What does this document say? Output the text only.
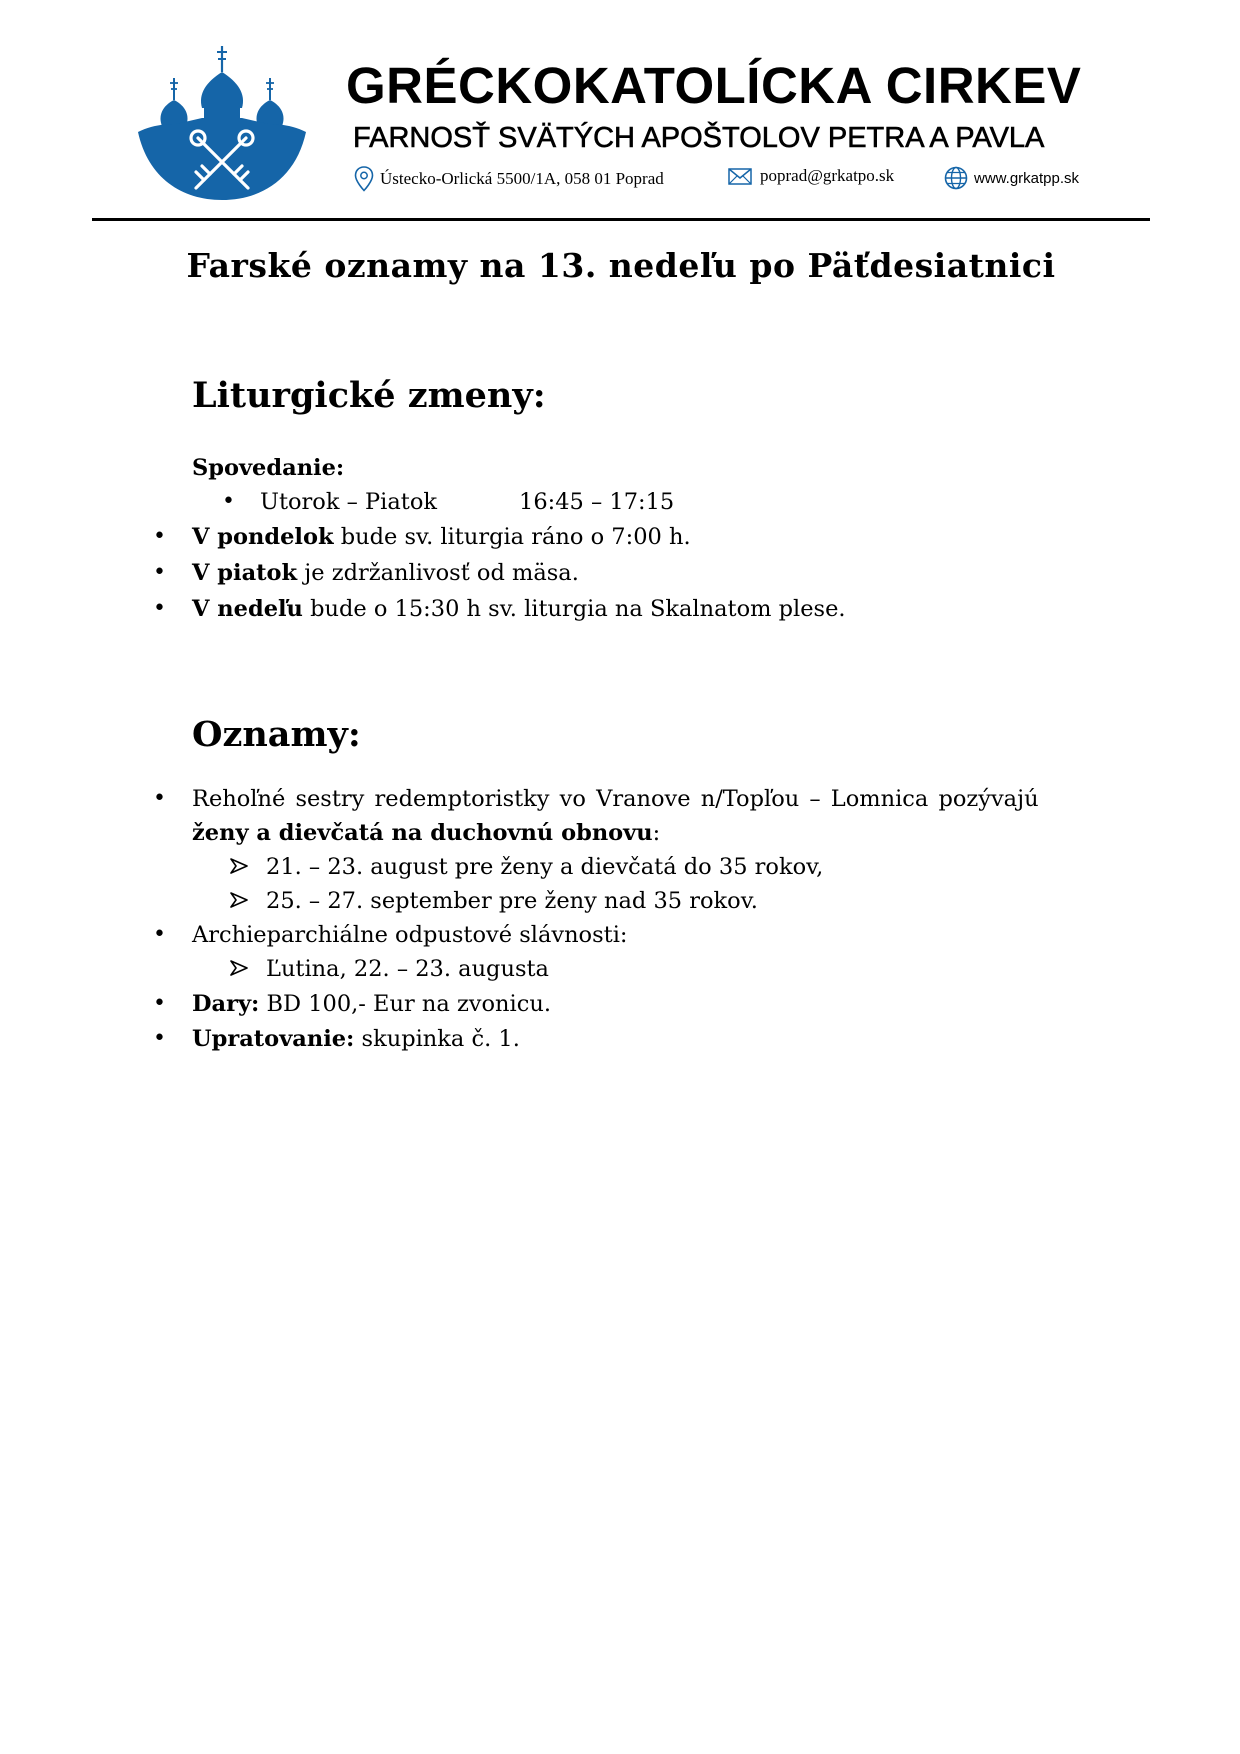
GRÉCKOKATOLÍCKA CIRKEV
FARNOSŤ SVÄTÝCH APOŠTOLOV PETRA A PAVLA
Ústecko-Orlická 5500/1A, 058 01 Poprad	poprad@grkatpo.sk	www.grkatpp.sk
Farské oznamy na 13. nedeľu po Päťdesiatnici
Liturgické zmeny:
Spovedanie:
• Utorok – Piatok	16:45 – 17:15
• V pondelok bude sv. liturgia ráno o 7:00 h.
• V piatok je zdržanlivosť od mäsa.
• V nedeľu bude o 15:30 h sv. liturgia na Skalnatom plese.
Oznamy:
• Rehoľné sestry redemptoristky vo Vranove n/Topľou – Lomnica pozývajú
ženy a dievčatá na duchovnú obnovu:
21. – 23. august pre ženy a dievčatá do 35 rokov,
25. – 27. september pre ženy nad 35 rokov.
• Archieparchiálne odpustové slávnosti:
Ľutina, 22. – 23. augusta
• Dary: BD 100,- Eur na zvonicu.
• Upratovanie: skupinka č. 1.
